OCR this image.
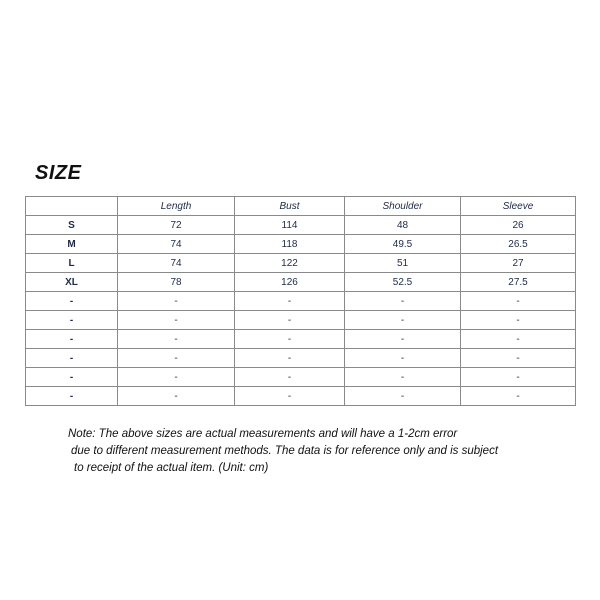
SIZE
	Length	Bust	Shoulder	Sleeve
S	72	114	48	26
M	74	118	49.5	26.5
L	74	122	51	27
XL	78	126	52.5	27.5
-	-	-	-	-
-	-	-	-	-
-	-	-	-	-
-	-	-	-	-
-	-	-	-	-
-	-	-	-	-
Note: The above sizes are actual measurements and will have a 1-2cm error
due to different measurement methods. The data is for reference only and is subject
to receipt of the actual item. (Unit: cm)
